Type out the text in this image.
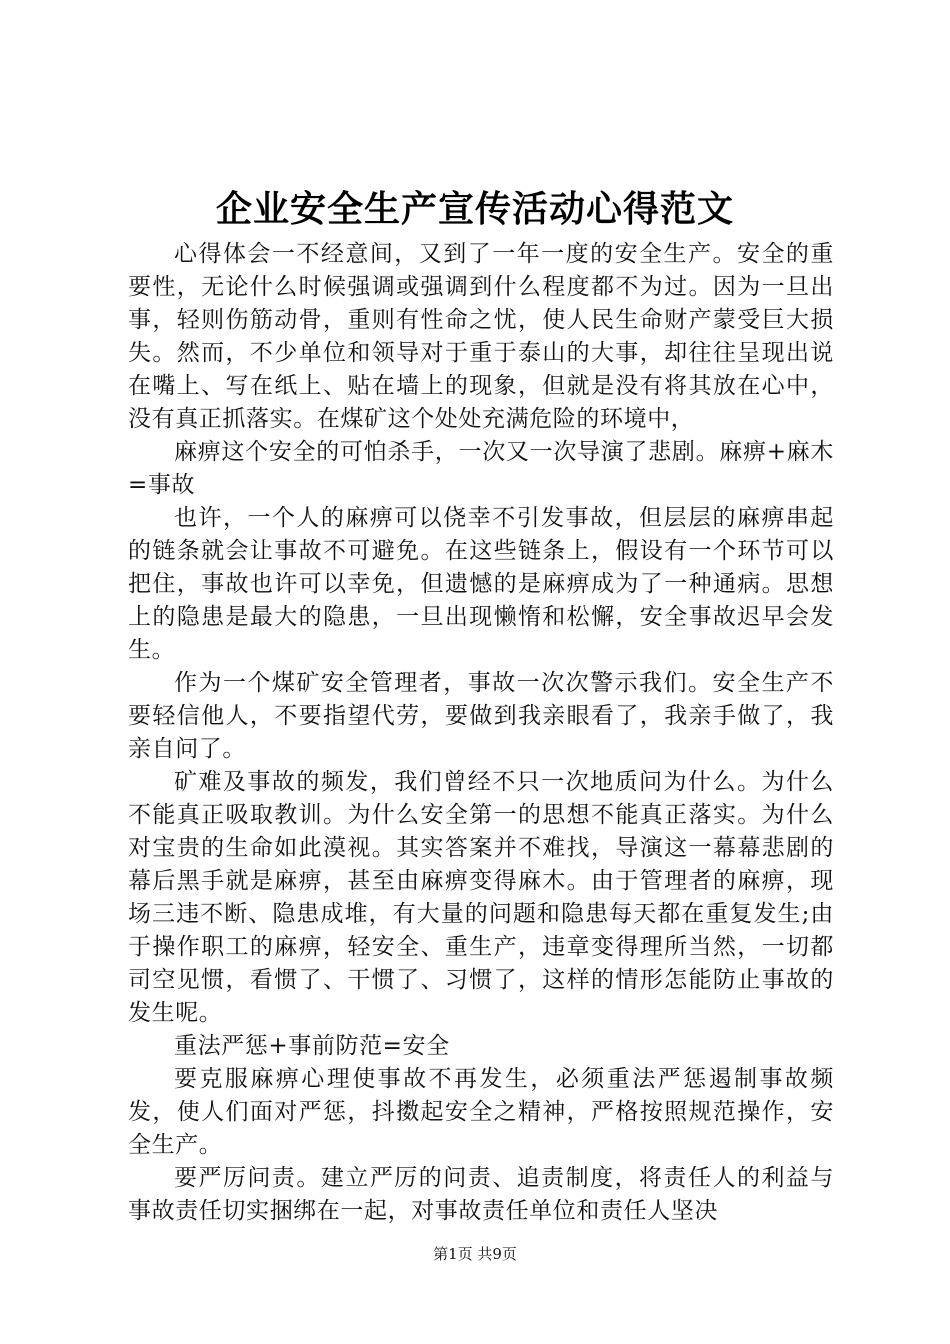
企业安全生产宣传活动心得范文

心得体会一不经意间，又到了一年一度的安全生产。安全的重要性，无论什么时候强调或强调到什么程度都不为过。因为一旦出事，轻则伤筋动骨，重则有性命之忧，使人民生命财产蒙受巨大损失。然而，不少单位和领导对于重于泰山的大事，却往往呈现出说在嘴上、写在纸上、贴在墙上的现象，但就是没有将其放在心中，没有真正抓落实。在煤矿这个处处充满危险的环境中，

麻痹这个安全的可怕杀手，一次又一次导演了悲剧。麻痹+麻木=事故

也许，一个人的麻痹可以侥幸不引发事故，但层层的麻痹串起的链条就会让事故不可避免。在这些链条上，假设有一个环节可以把住，事故也许可以幸免，但遗憾的是麻痹成为了一种通病。思想上的隐患是最大的隐患，一旦出现懒惰和松懈，安全事故迟早会发生。

作为一个煤矿安全管理者，事故一次次警示我们。安全生产不要轻信他人，不要指望代劳，要做到我亲眼看了，我亲手做了，我亲自问了。

矿难及事故的频发，我们曾经不只一次地质问为什么。为什么不能真正吸取教训。为什么安全第一的思想不能真正落实。为什么对宝贵的生命如此漠视。其实答案并不难找，导演这一幕幕悲剧的幕后黑手就是麻痹，甚至由麻痹变得麻木。由于管理者的麻痹，现场三违不断、隐患成堆，有大量的问题和隐患每天都在重复发生;由于操作职工的麻痹，轻安全、重生产，违章变得理所当然，一切都司空见惯，看惯了、干惯了、习惯了，这样的情形怎能防止事故的发生呢。

重法严惩+事前防范=安全

要克服麻痹心理使事故不再发生，必须重法严惩遏制事故频发，使人们面对严惩，抖擞起安全之精神，严格按照规范操作，安全生产。

要严厉问责。建立严厉的问责、追责制度，将责任人的利益与事故责任切实捆绑在一起，对事故责任单位和责任人坚决

第1页 共9页
